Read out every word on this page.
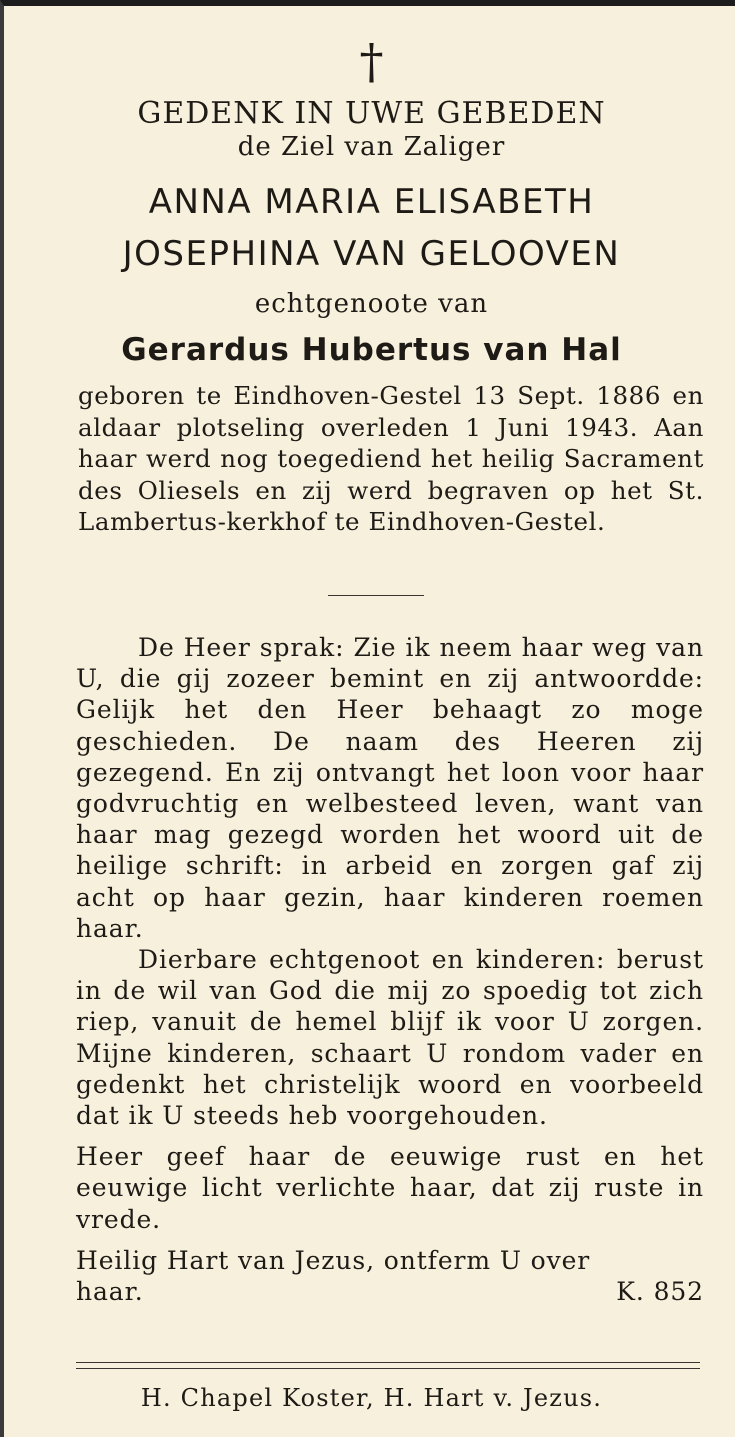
†
GEDENK IN UWE GEBEDEN
de Ziel van Zaliger
ANNA MARIA ELISABETH
JOSEPHINA VAN GELOOVEN
echtgenoote van
Gerardus Hubertus van Hal
geboren te Eindhoven-Gestel 13 Sept. 1886 en aldaar plotseling overleden 1 Juni 1943. Aan haar werd nog toegediend het heilig Sacrament des Oliesels en zij werd begraven op het St. Lambertus-kerkhof te Eindhoven-Gestel.

De Heer sprak: Zie ik neem haar weg van U, die gij zozeer bemint en zij antwoordde: Gelijk het den Heer behaagt zo moge geschieden. De naam des Heeren zij gezegend. En zij ontvangt het loon voor haar godvruchtig en welbesteed leven, want van haar mag gezegd worden het woord uit de heilige schrift: in arbeid en zorgen gaf zij acht op haar gezin, haar kinderen roemen haar.

Dierbare echtgenoot en kinderen: berust in de wil van God die mij zo spoedig tot zich riep, vanuit de hemel blijf ik voor U zorgen. Mijne kinderen, schaart U rondom vader en gedenkt het christelijk woord en voorbeeld dat ik U steeds heb voorgehouden.

Heer geef haar de eeuwige rust en het eeuwige licht verlichte haar, dat zij ruste in vrede.

Heilig Hart van Jezus, ontferm U over

haar.	K. 852
H. Chapel Koster, H. Hart v. Jezus.
